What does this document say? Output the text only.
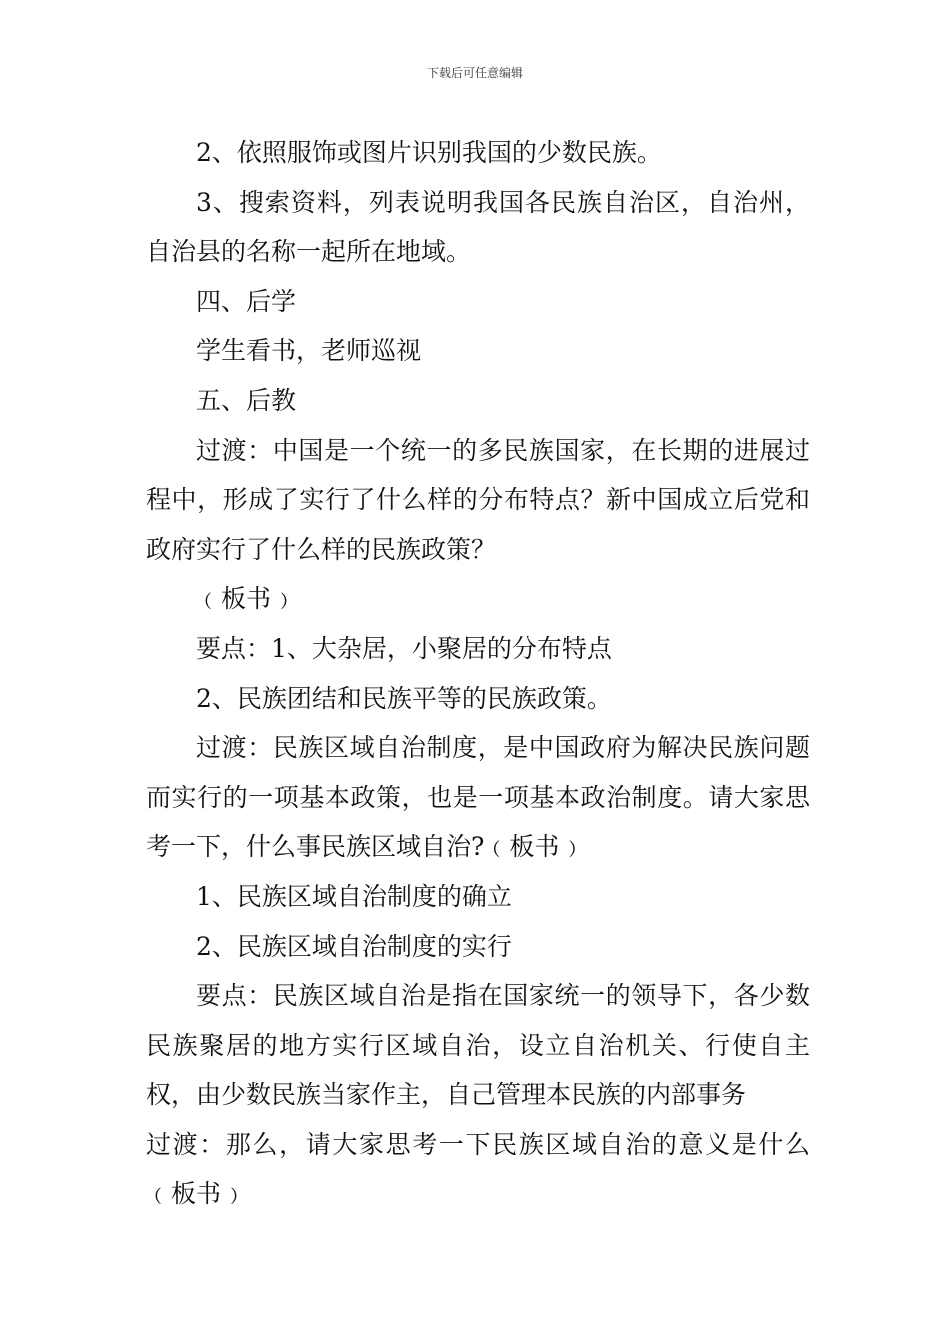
下载后可任意编辑

2、依照服饰或图片识别我国的少数民族。

3、搜索资料，列表说明我国各民族自治区，自治州，自治县的名称一起所在地域。

四、后学

学生看书，老师巡视

五、后教

过渡：中国是一个统一的多民族国家，在长期的进展过程中，形成了实行了什么样的分布特点？新中国成立后党和政府实行了什么样的民族政策？

﹙板书﹚

要点：1、大杂居，小聚居的分布特点

2、民族团结和民族平等的民族政策。

过渡：民族区域自治制度，是中国政府为解决民族问题而实行的一项基本政策，也是一项基本政治制度。请大家思考一下，什么事民族区域自治?﹙板书﹚

1、民族区域自治制度的确立

2、民族区域自治制度的实行

要点：民族区域自治是指在国家统一的领导下，各少数民族聚居的地方实行区域自治，设立自治机关、行使自主权，由少数民族当家作主，自己管理本民族的内部事务

过渡：那么，请大家思考一下民族区域自治的意义是什么﹙板书﹚
